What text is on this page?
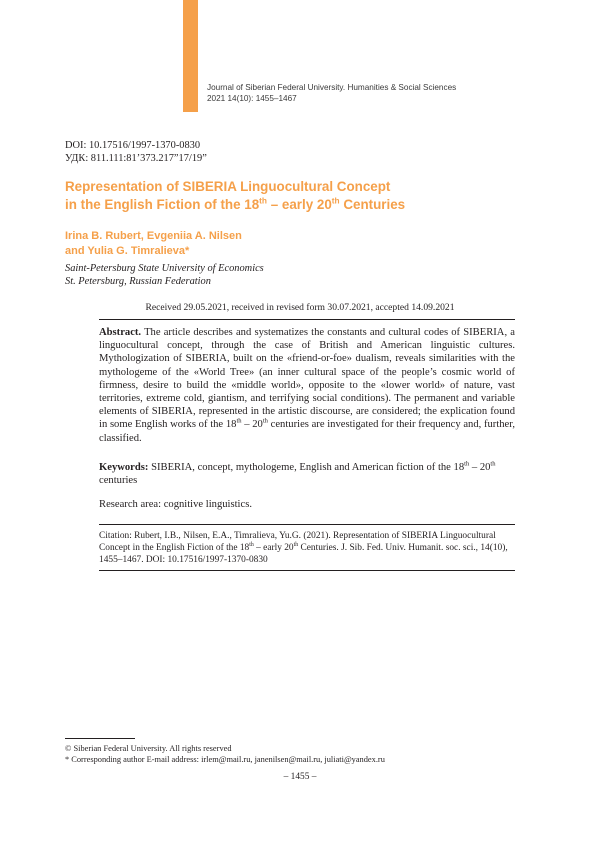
Journal of Siberian Federal University. Humanities & Social Sciences
2021 14(10): 1455–1467
DOI: 10.17516/1997-1370-0830
УДК: 811.111:81’373.217”17/19”
Representation of SIBERIA Linguocultural Concept
in the English Fiction of the 18th – early 20th Centuries
Irina B. Rubert, Evgeniia A. Nilsen
and Yulia G. Timralieva*
Saint-Petersburg State University of Economics
St. Petersburg, Russian Federation
Received 29.05.2021, received in revised form 30.07.2021, accepted 14.09.2021
Abstract. The article describes and systematizes the constants and cultural codes of SIBERIA, a linguocultural concept, through the case of British and American linguistic cultures. Mythologization of SIBERIA, built on the «friend-or-foe» dualism, reveals similarities with the mythologeme of the «World Tree» (an inner cultural space of the people’s cosmic world of firmness, desire to build the «middle world», opposite to the «lower world» of nature, vast territories, extreme cold, giantism, and terrifying social conditions). The permanent and variable elements of SIBERIA, represented in the artistic discourse, are considered; the explication found in some English works of the 18th – 20th centuries are investigated for their frequency and, further, classified.
Keywords: SIBERIA, concept, mythologeme, English and American fiction of the 18th – 20th centuries
Research area: cognitive linguistics.
Citation: Rubert, I.B., Nilsen, E.A., Timralieva, Yu.G. (2021). Representation of SIBERIA Linguocultural Concept in the English Fiction of the 18th – early 20th Centuries. J. Sib. Fed. Univ. Humanit. soc. sci., 14(10), 1455–1467. DOI: 10.17516/1997-1370-0830
© Siberian Federal University. All rights reserved
* Corresponding author E-mail address: irlem@mail.ru, janenilsen@mail.ru, juliati@yandex.ru
– 1455 –
